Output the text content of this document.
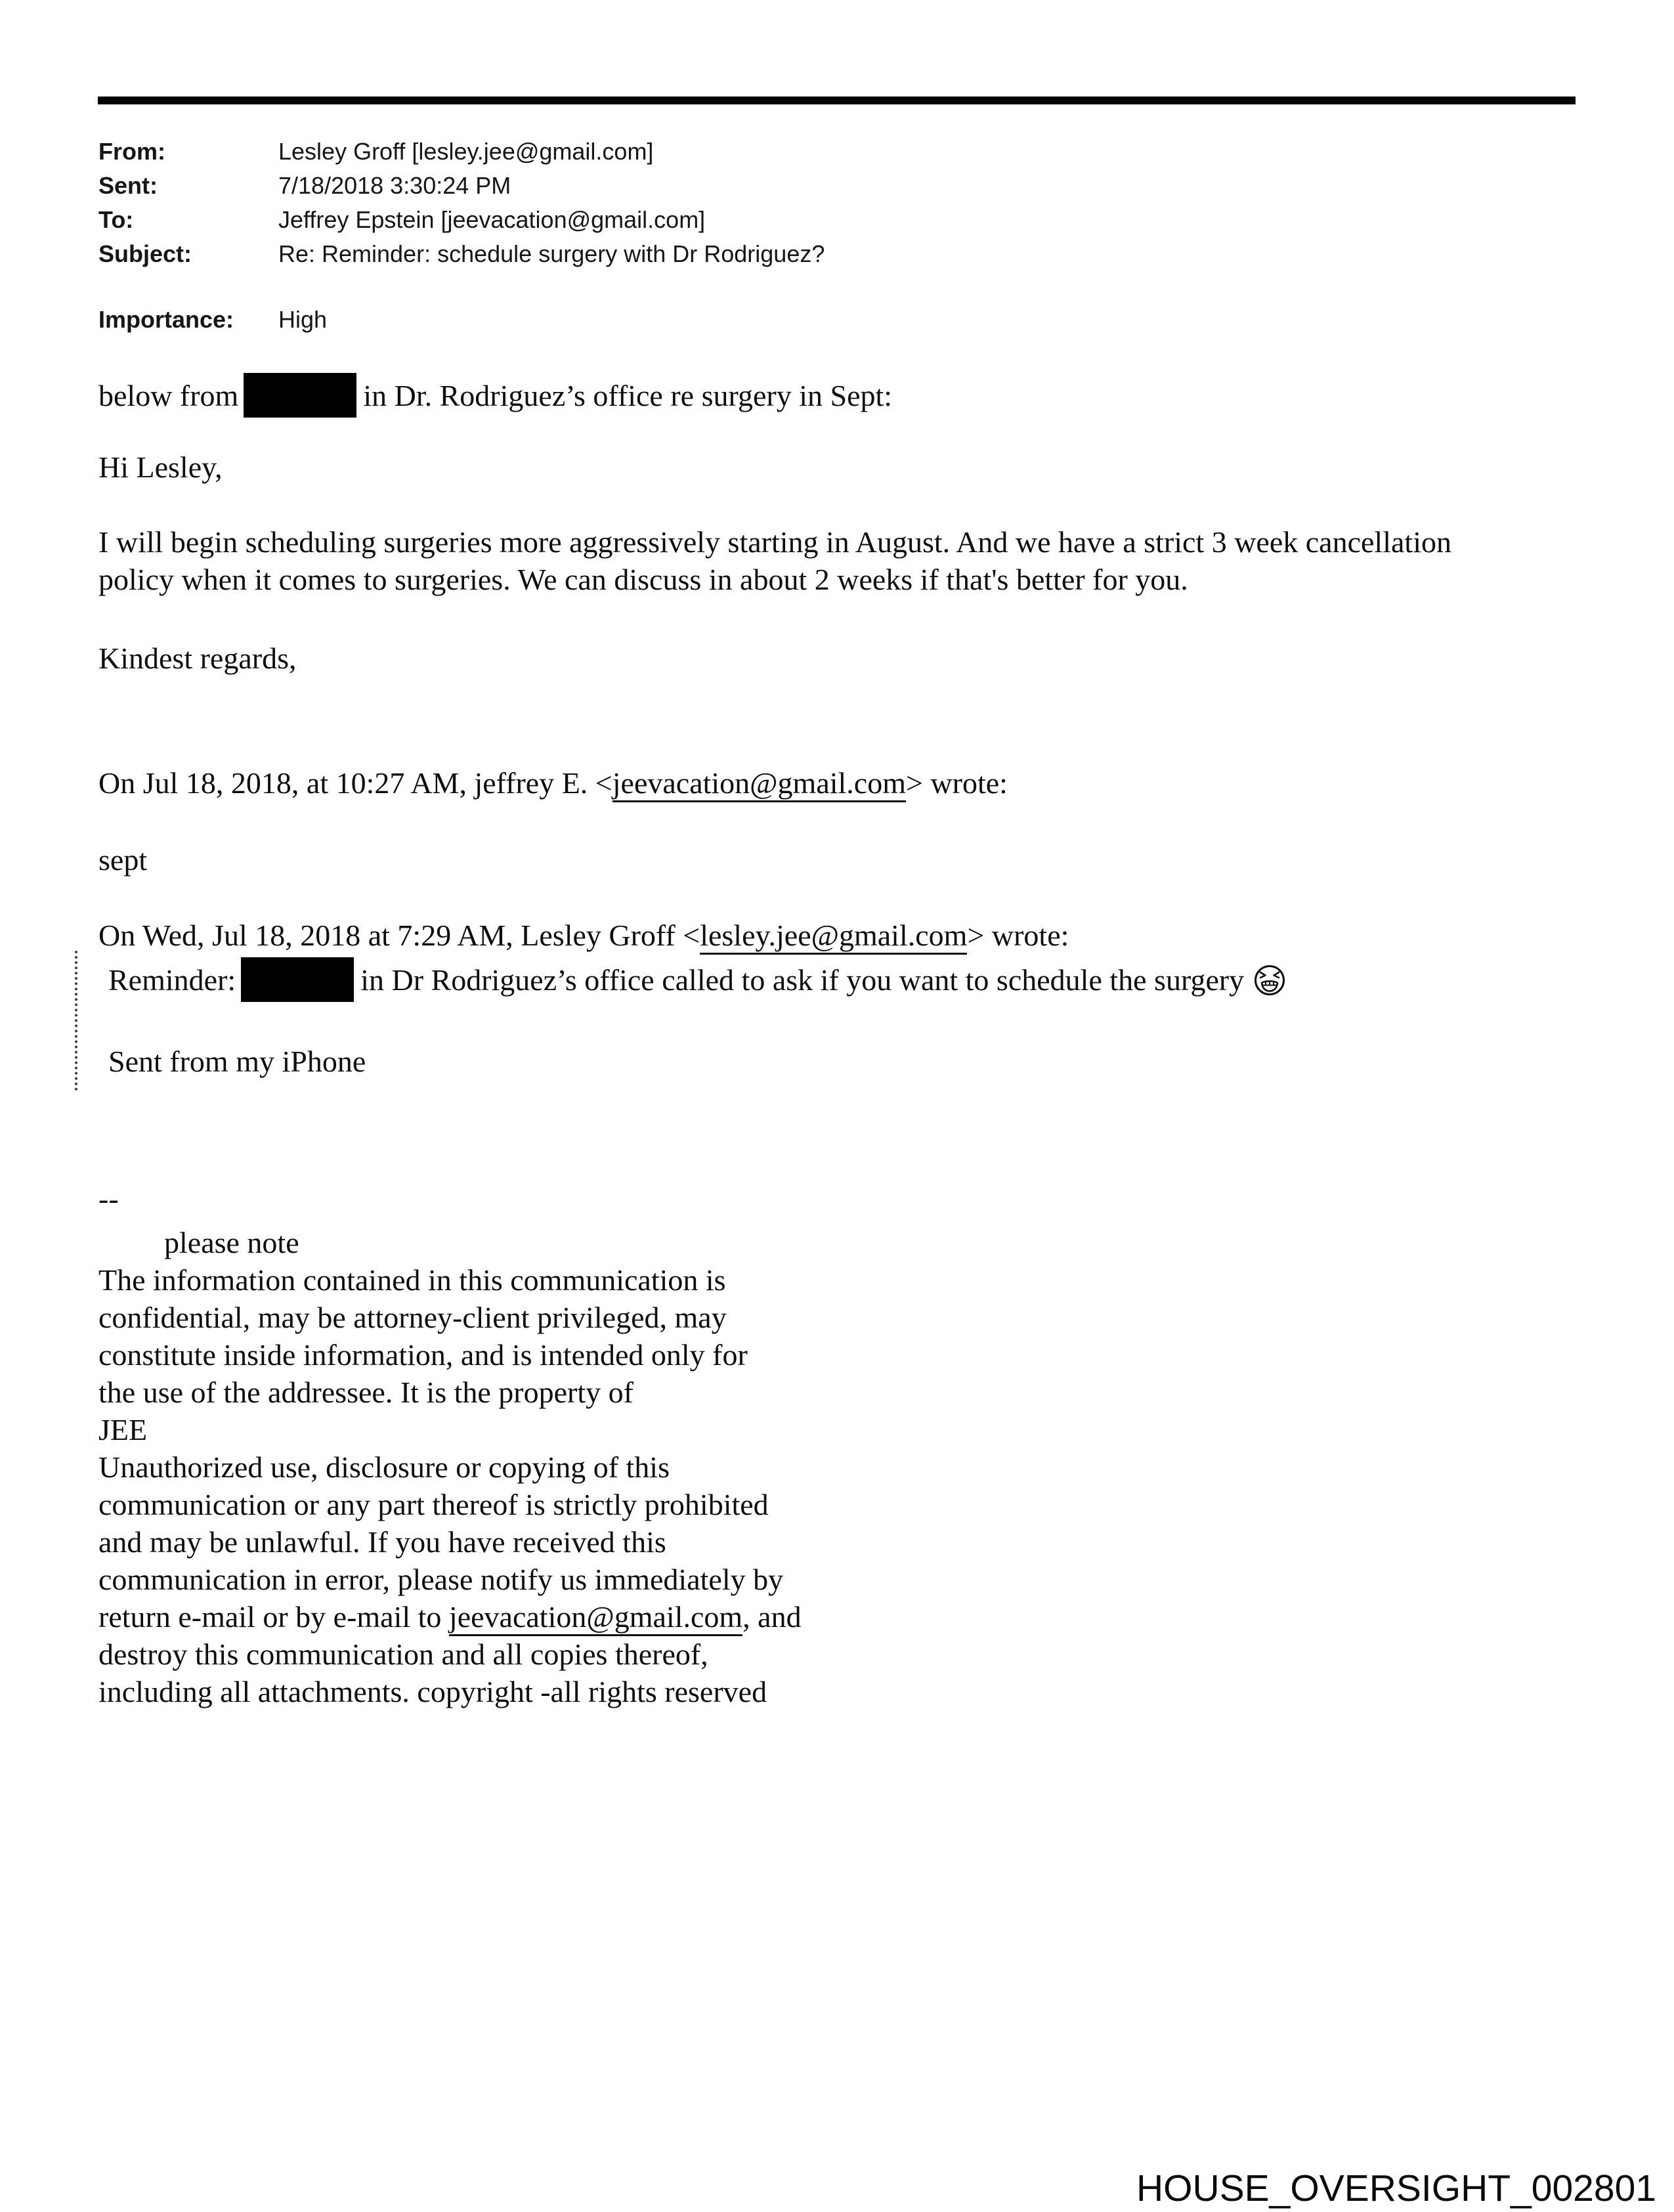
From:	Lesley Groff [lesley.jee@gmail.com]
Sent:	7/18/2018 3:30:24 PM
To:	Jeffrey Epstein [jeevacation@gmail.com]
Subject:	Re: Reminder: schedule surgery with Dr Rodriguez?
Importance:	High
below from	in Dr. Rodriguez’s office re surgery in Sept:
Hi Lesley,
I will begin scheduling surgeries more aggressively starting in August. And we have a strict 3 week cancellation
policy when it comes to surgeries. We can discuss in about 2 weeks if that's better for you.
Kindest regards,
On Jul 18, 2018, at 10:27 AM, jeffrey E. <jeevacation@gmail.com> wrote:
sept
On Wed, Jul 18, 2018 at 7:29 AM, Lesley Groff <lesley.jee@gmail.com> wrote:
Reminder:	in Dr Rodriguez’s office called to ask if you want to schedule the surgery
Sent from my iPhone
--
please note
The information contained in this communication is
confidential, may be attorney-client privileged, may
constitute inside information, and is intended only for
the use of the addressee. It is the property of
JEE
Unauthorized use, disclosure or copying of this
communication or any part thereof is strictly prohibited
and may be unlawful. If you have received this
communication in error, please notify us immediately by
return e-mail or by e-mail to jeevacation@gmail.com, and
destroy this communication and all copies thereof,
including all attachments. copyright -all rights reserved
HOUSE_OVERSIGHT_002801
